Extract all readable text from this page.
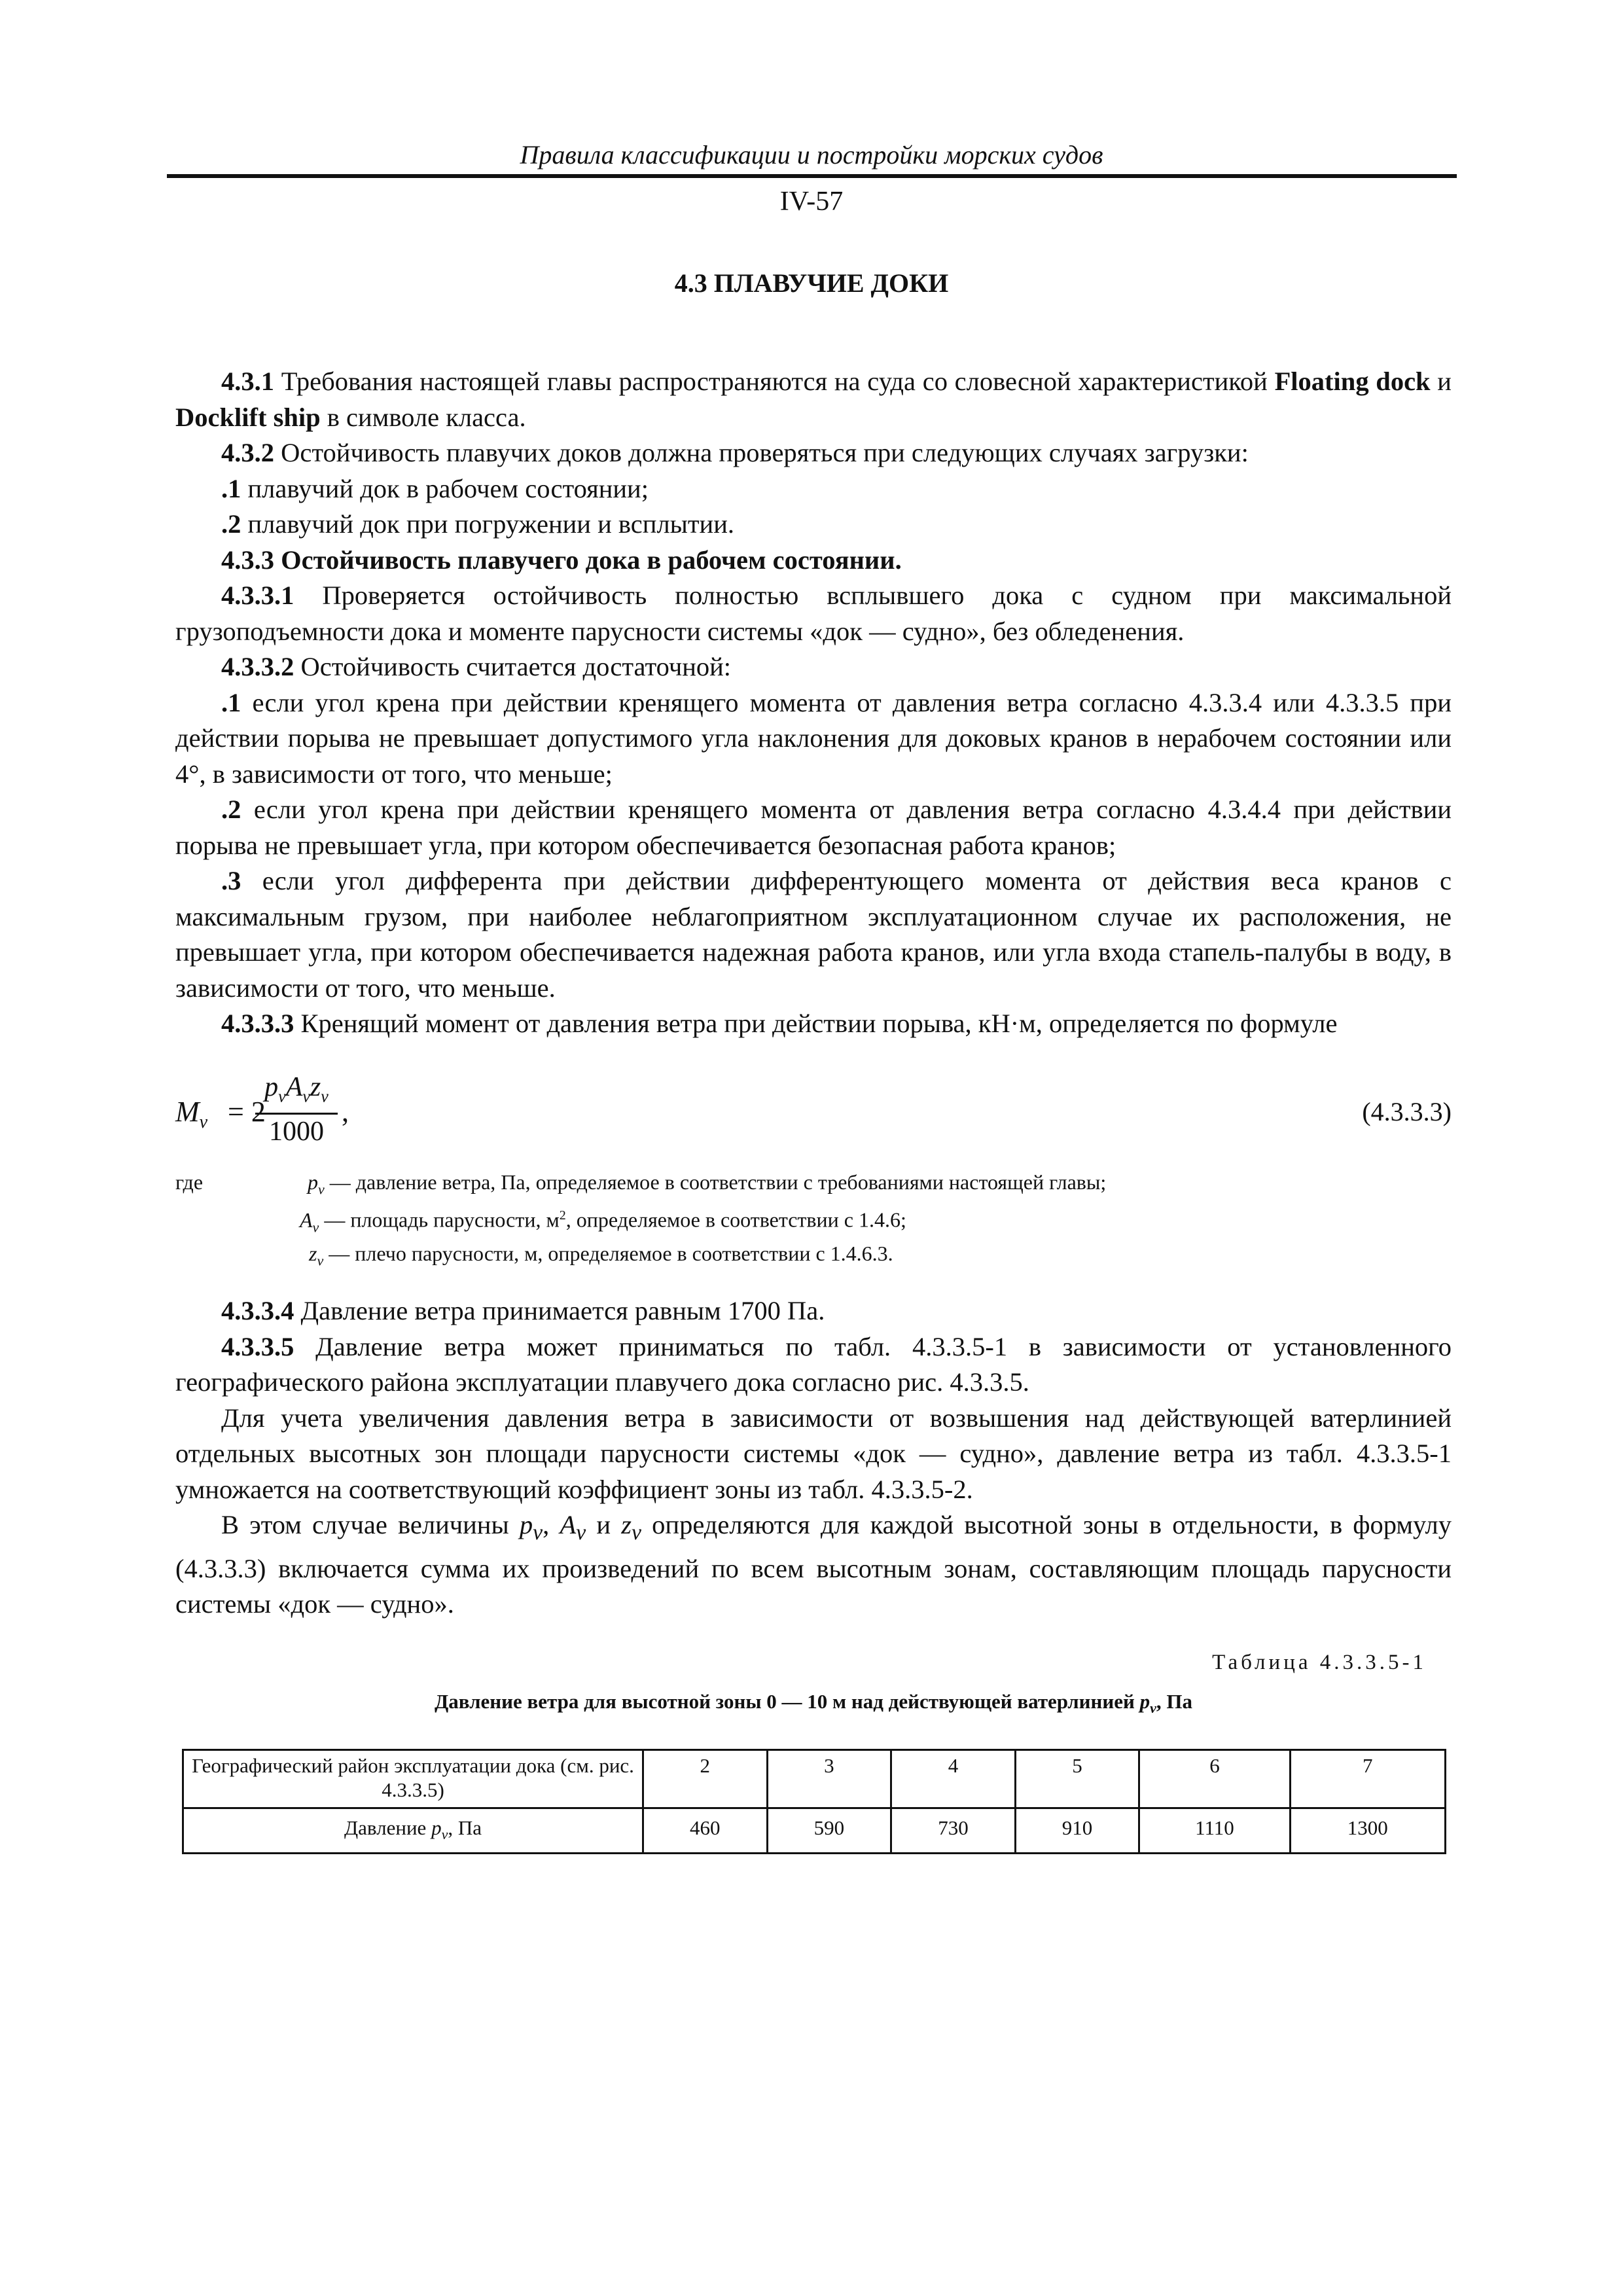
Правила классификации и постройки морских судов
IV-57
4.3 ПЛАВУЧИЕ ДОКИ

4.3.1 Требования настоящей главы распространяются на суда со словесной характеристикой Floating dock и Docklift ship в символе класса.

4.3.2 Остойчивость плавучих доков должна проверяться при следующих случаях загрузки:

.1 плавучий док в рабочем состоянии;

.2 плавучий док при погружении и всплытии.

4.3.3 Остойчивость плавучего дока в рабочем состоянии.

4.3.3.1 Проверяется остойчивость полностью всплывшего дока с судном при максимальной грузоподъемности дока и моменте парусности системы «док — судно», без обледенения.

4.3.3.2 Остойчивость считается достаточной:

.1 если угол крена при действии кренящего момента от давления ветра согласно 4.3.3.4 или 4.3.3.5 при действии порыва не превышает допустимого угла наклонения для доковых кранов в нерабочем состоянии или 4°, в зависимости от того, что меньше;

.2 если угол крена при действии кренящего момента от давления ветра согласно 4.3.4.4 при действии порыва не превышает угла, при котором обеспечивается безопасная работа кранов;

.3 если угол дифферента при действии дифферентующего момента от действия веса кранов с максимальным грузом, при наиболее неблагоприятном эксплуатационном случае их расположения, не превышает угла, при котором обеспечивается надежная работа кранов, или угла входа стапель-палубы в воду, в зависимости от того, что меньше.

4.3.3.3 Кренящий момент от давления ветра при действии порыва, кН·м, определяется по формуле

$M_v = 2$
$p_vA_vz_v$
1000
,	(4.3.3.3)
где	$p_v$ — давление ветра, Па, определяемое в соответствии с требованиями настоящей главы;
$A_v$ — площадь парусности, $м^2$, определяемое в соответствии с 1.4.6;
$z_v$ — плечо парусности, м, определяемое в соответствии с 1.4.6.3.

4.3.3.4 Давление ветра принимается равным 1700 Па.

4.3.3.5 Давление ветра может приниматься по табл. 4.3.3.5-1 в зависимости от установленного географического района эксплуатации плавучего дока согласно рис. 4.3.3.5.

Для учета увеличения давления ветра в зависимости от возвышения над действующей ватерлинией отдельных высотных зон площади парусности системы «док — судно», давление ветра из табл. 4.3.3.5-1 умножается на соответствующий коэффициент зоны из табл. 4.3.3.5-2.

В этом случае величины $p_v$, $A_v$ и $z_v$ определяются для каждой высотной зоны в отдельности, в формулу (4.3.3.3) включается сумма их произведений по всем высотным зонам, составляющим площадь парусности системы «док — судно».

Таблица 4.3.3.5-1
Давление ветра для высотной зоны 0 — 10 м над действующей ватерлинией $p_v$, Па
Географический район эксплуатации дока (см. рис. 4.3.3.5)	2	3	4	5	6	7
Давление $p_v$, Па	460	590	730	910	1110	1300
